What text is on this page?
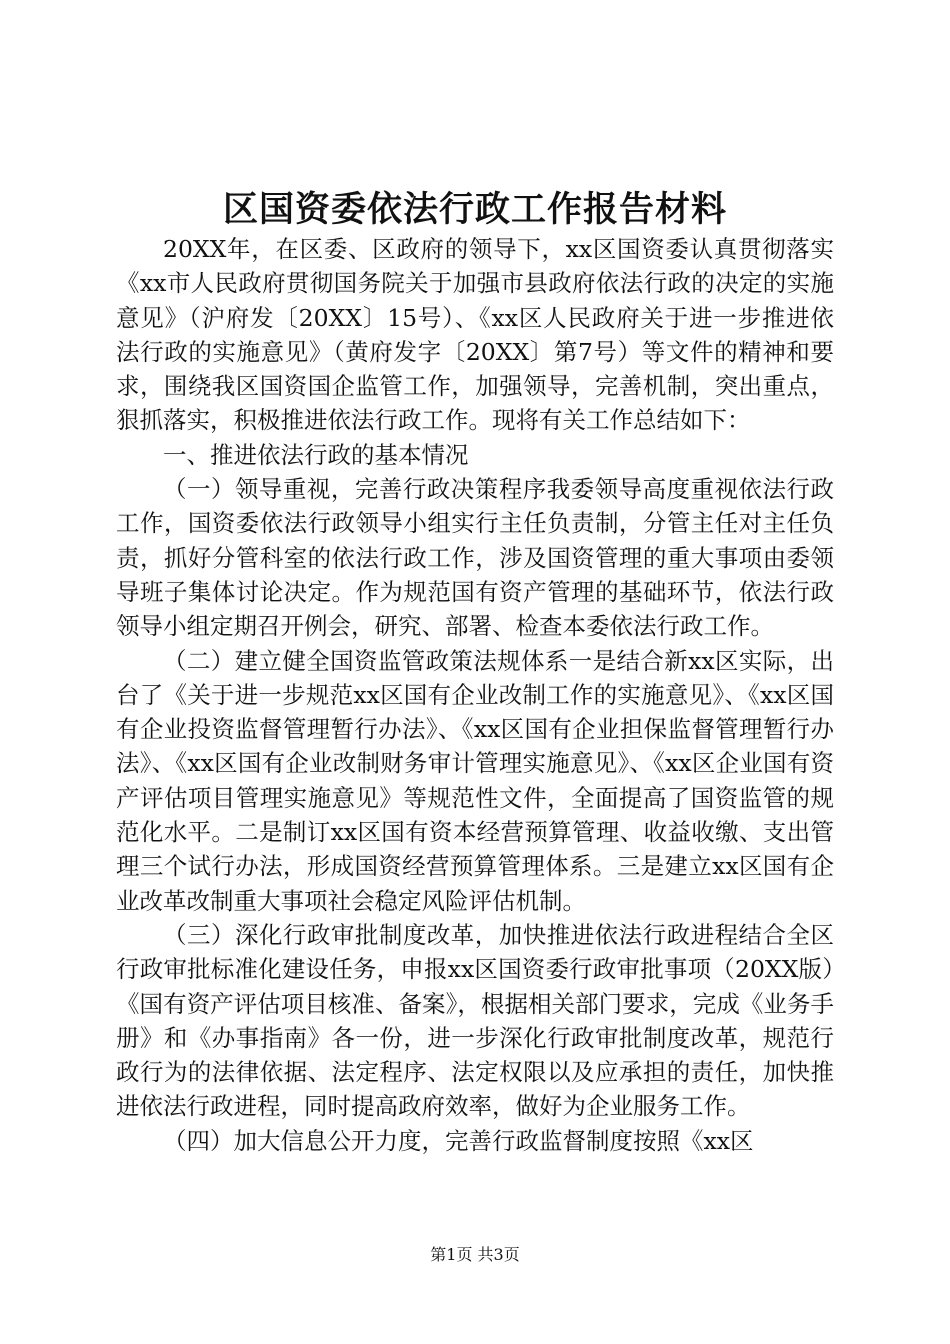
区国资委依法行政工作报告材料

20XX年，在区委、区政府的领导下，xx区国资委认真贯彻落实《xx市人民政府贯彻国务院关于加强市县政府依法行政的决定的实施意见》（沪府发〔20XX〕15号）、《xx区人民政府关于进一步推进依法行政的实施意见》（黄府发字〔20XX〕第7号）等文件的精神和要求，围绕我区国资国企监管工作，加强领导，完善机制，突出重点，狠抓落实，积极推进依法行政工作。现将有关工作总结如下：

一、推进依法行政的基本情况

（一）领导重视，完善行政决策程序我委领导高度重视依法行政工作，国资委依法行政领导小组实行主任负责制，分管主任对主任负责，抓好分管科室的依法行政工作，涉及国资管理的重大事项由委领导班子集体讨论决定。作为规范国有资产管理的基础环节，依法行政领导小组定期召开例会，研究、部署、检查本委依法行政工作。

（二）建立健全国资监管政策法规体系一是结合新xx区实际，出台了《关于进一步规范xx区国有企业改制工作的实施意见》、《xx区国有企业投资监督管理暂行办法》、《xx区国有企业担保监督管理暂行办法》、《xx区国有企业改制财务审计管理实施意见》、《xx区企业国有资产评估项目管理实施意见》等规范性文件，全面提高了国资监管的规范化水平。二是制订xx区国有资本经营预算管理、收益收缴、支出管理三个试行办法，形成国资经营预算管理体系。三是建立xx区国有企业改革改制重大事项社会稳定风险评估机制。

（三）深化行政审批制度改革，加快推进依法行政进程结合全区行政审批标准化建设任务，申报xx区国资委行政审批事项（20XX版）《国有资产评估项目核准、备案》，根据相关部门要求，完成《业务手册》和《办事指南》各一份，进一步深化行政审批制度改革，规范行政行为的法律依据、法定程序、法定权限以及应承担的责任，加快推进依法行政进程，同时提高政府效率，做好为企业服务工作。

（四）加大信息公开力度，完善行政监督制度按照《xx区

第1页 共3页
